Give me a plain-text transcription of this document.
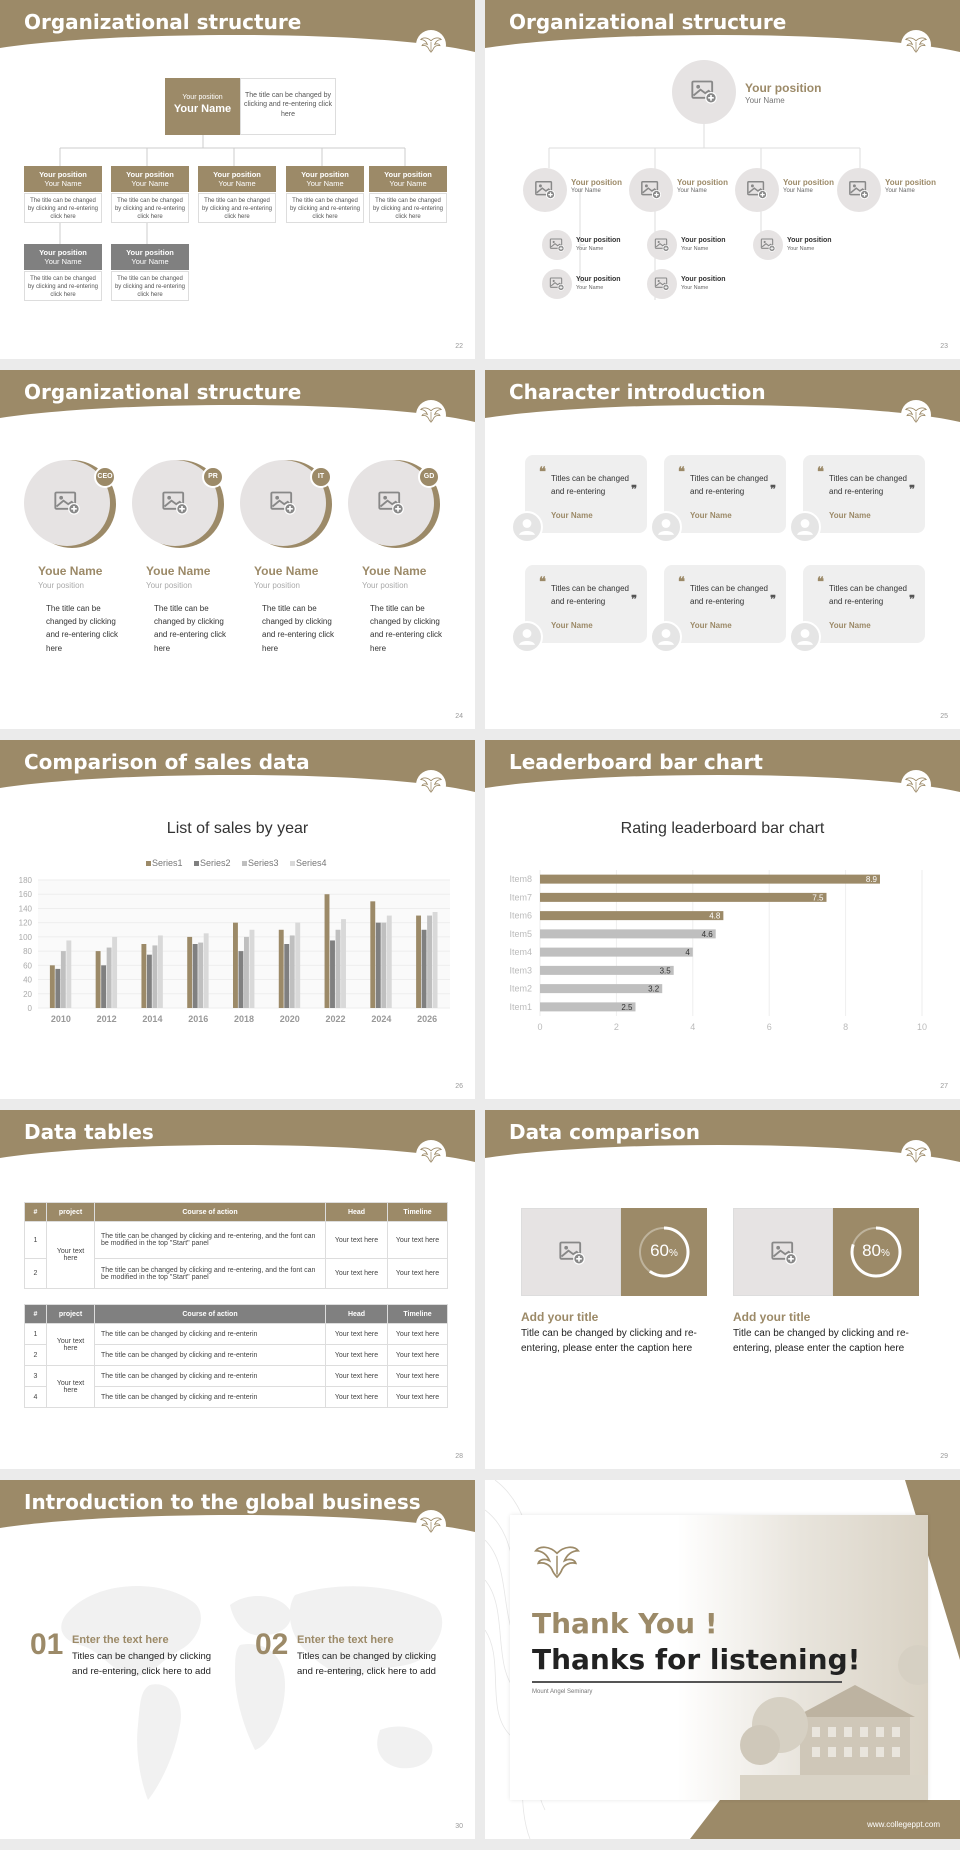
Organizational structure
Your position
Your Name
The title can be changed by clicking and re-entering click here
Your position
Your Name
The title can be changed by clicking and re-entering click here
Your position
Your Name
The title can be changed by clicking and re-entering click here
Your position
Your Name
The title can be changed by clicking and re-entering click here
Your position
Your Name
The title can be changed by clicking and re-entering click here
Your position
Your Name
The title can be changed by clicking and re-entering click here
Your position
Your Name
The title can be changed by clicking and re-entering click here
Your position
Your Name
The title can be changed by clicking and re-entering click here
22
Organizational structure
Your position
Your Name
Your position
Your Name
Your position
Your Name
Your position
Your Name
Your position
Your Name
Your position
Your Name
Your position
Your Name
Your position
Your Name
Your position
Your Name
Your position
Your Name
23
Organizational structure
CEO
Youe Name
Your position
The title can be changed by clicking and re-entering click here
PR
Youe Name
Your position
The title can be changed by clicking and re-entering click here
IT
Youe Name
Your position
The title can be changed by clicking and re-entering click here
GD
Youe Name
Your position
The title can be changed by clicking and re-entering click here
24
Character introduction
❝
❞
Titles can be changed and re-entering
Your Name
❝
❞
Titles can be changed and re-entering
Your Name
❝
❞
Titles can be changed and re-entering
Your Name
❝
❞
Titles can be changed and re-entering
Your Name
❝
❞
Titles can be changed and re-entering
Your Name
❝
❞
Titles can be changed and re-entering
Your Name
25
Comparison of sales data
List of sales by year
0
20
40
60
80
100
120
140
160
180
2010	2012	2014	2016	2018	2020	2022	2024	2026
Series1 Series2 Series3 Series4
26
Leaderboard bar chart
Rating leaderboard bar chart
0	2	4	6	8	10
8.9
Item8
7.5
Item7
4.8
Item6
4.6
Item5
4
Item4
3.5
Item3
3.2
Item2
2.5
Item1
27
Data tables
#	project	Course of action	Head	Timeline
1	Your text here	The title can be changed by clicking and re-entering, and the font can be modified in the top "Start" panel	Your text here	Your text here
2		The title can be changed by clicking and re-entering, and the font can be modified in the top "Start" panel	Your text here	Your text here
#	project	Course of action	Head	Timeline
1	Your text here	The title can be changed by clicking and re-enterin	Your text here	Your text here
2		The title can be changed by clicking and re-enterin	Your text here	Your text here
3	Your text here	The title can be changed by clicking and re-enterin	Your text here	Your text here
4		The title can be changed by clicking and re-enterin	Your text here	Your text here
28
Data comparison
60%
Add your title
Title can be changed by clicking and re-entering, please enter the caption here
80%
Add your title
Title can be changed by clicking and re-entering, please enter the caption here
29
Introduction to the global business
01 Enter the text here
Titles can be changed by clicking and re-entering, click here to add
02 Enter the text here
Titles can be changed by clicking and re-entering, click here to add
30
Thank You !
Thanks for listening!
Mount Angel Seminary
www.collegeppt.com
